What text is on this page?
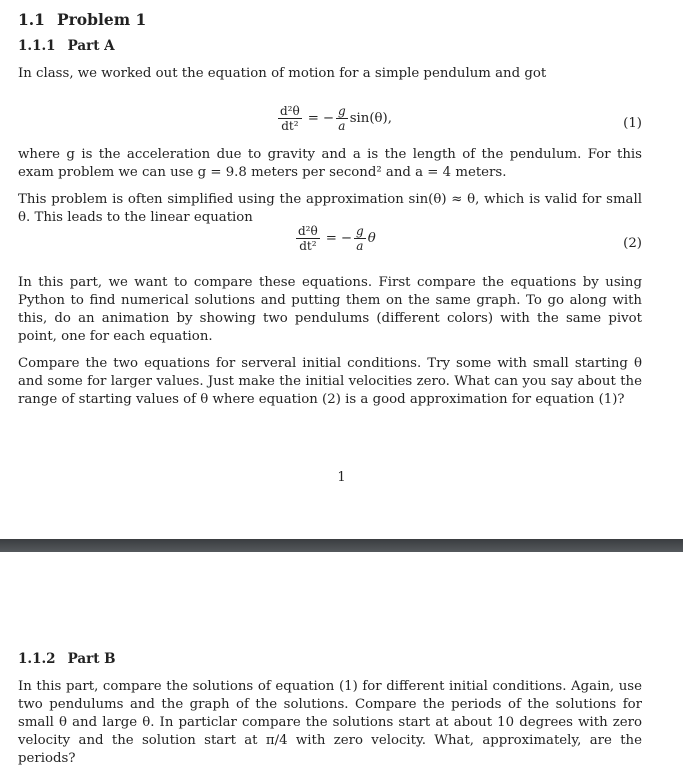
1.1 Problem 1
1.1.1 Part A
In class, we worked out the equation of motion for a simple pendulum and got
$\frac{\text{d²θ}}{\text{dt²}}$ = − $\frac{g}{a} \sin(\theta)$,	(1)
where g is the acceleration due to gravity and a is the length of the pendulum. For this exam problem we can use g = 9.8 meters per second² and a = 4 meters.
This problem is often simplified using the approximation sin(θ) ≈ θ, which is valid for small θ. This leads to the linear equation
$\frac{\text{d²θ}}{\text{dt²}}$ = − $\frac{g}{a}$ θ	(2)
In this part, we want to compare these equations. First compare the equations by using Python to find numerical solutions and putting them on the same graph. To go along with this, do an animation by showing two pendulums (different colors) with the same pivot point, one for each equation.
Compare the two equations for serveral initial conditions. Try some with small starting θ and some for larger values. Just make the initial velocities zero. What can you say about the range of starting values of θ where equation (2) is a good approximation for equation (1)?
1
1.1.2 Part B
In this part, compare the solutions of equation (1) for different initial conditions. Again, use two pendulums and the graph of the solutions. Compare the periods of the solutions for small θ and large θ. In particlar compare the solutions start at about 10 degrees with zero velocity and the solution start at π/4 with zero velocity. What, approximately, are the periods?
